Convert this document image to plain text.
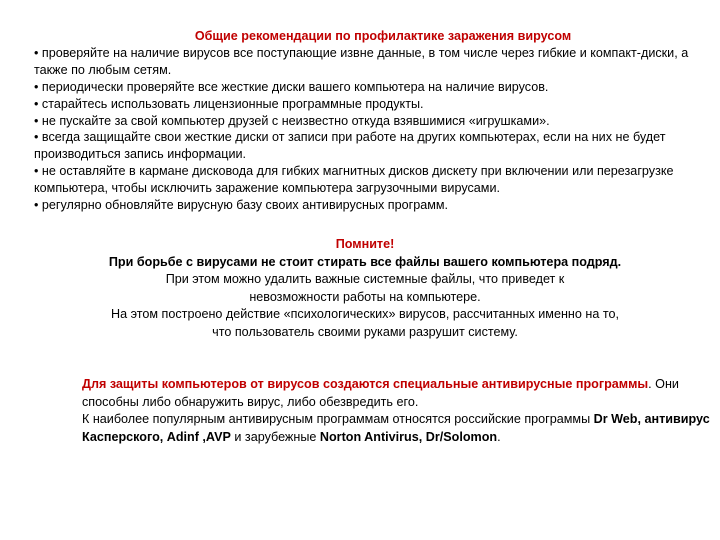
Общие рекомендации по профилактике заражения вирусом
• проверяйте на наличие вирусов все поступающие извне данные, в том числе через гибкие и компакт-диски, а также по любым сетям.
• периодически проверяйте все жесткие диски вашего компьютера на наличие вирусов.
• старайтесь использовать лицензионные программные продукты.
• не пускайте за свой компьютер друзей с неизвестно откуда взявшимися «игрушками».
• всегда защищайте свои жесткие диски от записи при работе на других компьютерах, если на них не будет производиться запись информации.
• не оставляйте в кармане дисковода для гибких магнитных дисков дискету при включении или перезагрузке компьютера, чтобы исключить заражение компьютера загрузочными вирусами.
• регулярно обновляйте вирусную базу своих антивирусных программ.
Помните!
При борьбе с вирусами не стоит стирать все файлы вашего компьютера подряд.
При этом можно удалить важные системные файлы, что приведет к
невозможности работы на компьютере.
На этом построено действие «психологических» вирусов, рассчитанных именно на то,
что пользователь своими руками разрушит систему.
Для защиты компьютеров от вирусов создаются специальные антивирусные программы. Они способны либо обнаружить вирус, либо обезвредить его.
К наиболее популярным антивирусным программам относятся российские программы Dr Web, антивирус Касперского, Adinf ,AVP и зарубежные Norton Antivirus, Dr/Solomon.
